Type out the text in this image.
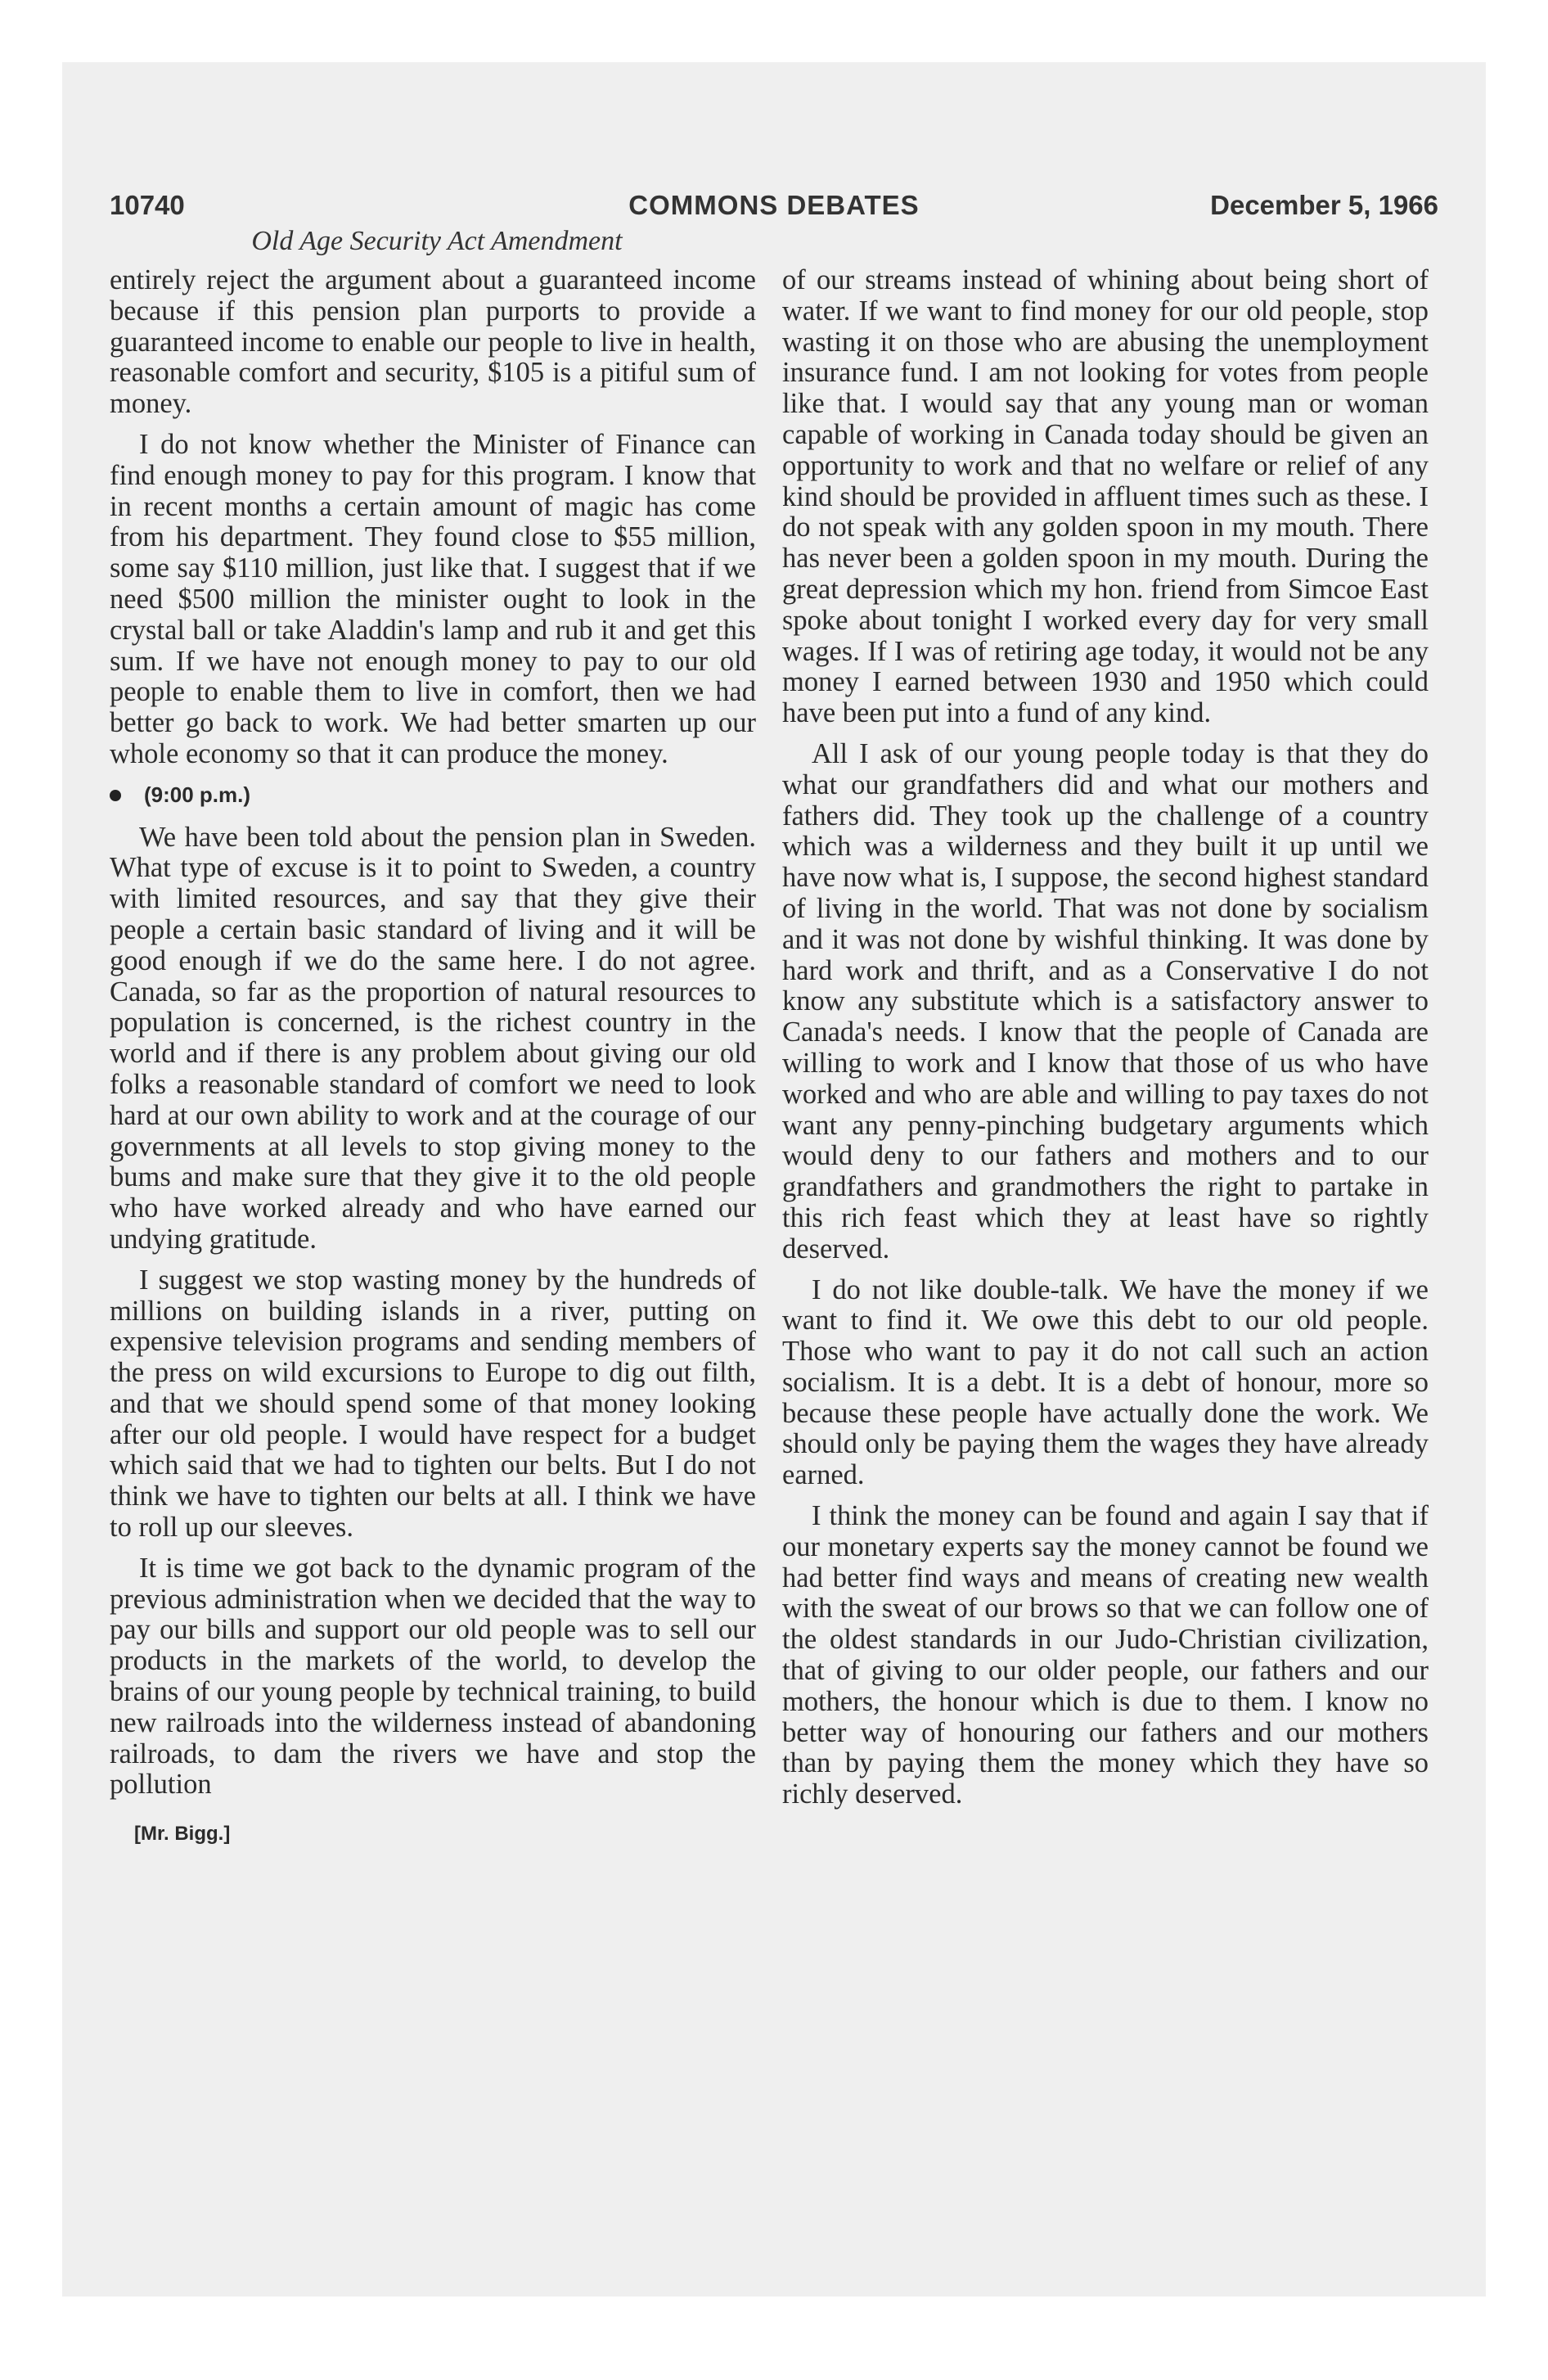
10740	COMMONS DEBATES	December 5, 1966
Old Age Security Act Amendment

entirely reject the argument about a guaranteed income because if this pension plan purports to provide a guaranteed income to enable our people to live in health, reasonable comfort and security, $105 is a pitiful sum of money.

I do not know whether the Minister of Finance can find enough money to pay for this program. I know that in recent months a certain amount of magic has come from his department. They found close to $55 million, some say $110 million, just like that. I suggest that if we need $500 million the minister ought to look in the crystal ball or take Aladdin's lamp and rub it and get this sum. If we have not enough money to pay to our old people to enable them to live in comfort, then we had better go back to work. We had better smarten up our whole economy so that it can produce the money.

(9:00 p.m.)

We have been told about the pension plan in Sweden. What type of excuse is it to point to Sweden, a country with limited resources, and say that they give their people a certain basic standard of living and it will be good enough if we do the same here. I do not agree. Canada, so far as the proportion of natural resources to population is concerned, is the richest country in the world and if there is any problem about giving our old folks a reasonable standard of comfort we need to look hard at our own ability to work and at the courage of our governments at all levels to stop giving money to the bums and make sure that they give it to the old people who have worked already and who have earned our undying gratitude.

I suggest we stop wasting money by the hundreds of millions on building islands in a river, putting on expensive television programs and sending members of the press on wild excursions to Europe to dig out filth, and that we should spend some of that money looking after our old people. I would have respect for a budget which said that we had to tighten our belts. But I do not think we have to tighten our belts at all. I think we have to roll up our sleeves.

It is time we got back to the dynamic program of the previous administration when we decided that the way to pay our bills and support our old people was to sell our products in the markets of the world, to develop the brains of our young people by technical training, to build new railroads into the wilderness instead of abandoning railroads, to dam the rivers we have and stop the pollution

[Mr. Bigg.]

of our streams instead of whining about being short of water. If we want to find money for our old people, stop wasting it on those who are abusing the unemployment insurance fund. I am not looking for votes from people like that. I would say that any young man or woman capable of working in Canada today should be given an opportunity to work and that no welfare or relief of any kind should be provided in affluent times such as these. I do not speak with any golden spoon in my mouth. There has never been a golden spoon in my mouth. During the great depression which my hon. friend from Simcoe East spoke about tonight I worked every day for very small wages. If I was of retiring age today, it would not be any money I earned between 1930 and 1950 which could have been put into a fund of any kind.

All I ask of our young people today is that they do what our grandfathers did and what our mothers and fathers did. They took up the challenge of a country which was a wilderness and they built it up until we have now what is, I suppose, the second highest standard of living in the world. That was not done by socialism and it was not done by wishful thinking. It was done by hard work and thrift, and as a Conservative I do not know any substitute which is a satisfactory answer to Canada's needs. I know that the people of Canada are willing to work and I know that those of us who have worked and who are able and willing to pay taxes do not want any penny-pinching budgetary arguments which would deny to our fathers and mothers and to our grandfathers and grandmothers the right to partake in this rich feast which they at least have so rightly deserved.

I do not like double-talk. We have the money if we want to find it. We owe this debt to our old people. Those who want to pay it do not call such an action socialism. It is a debt. It is a debt of honour, more so because these people have actually done the work. We should only be paying them the wages they have already earned.

I think the money can be found and again I say that if our monetary experts say the money cannot be found we had better find ways and means of creating new wealth with the sweat of our brows so that we can follow one of the oldest standards in our Judo-Christian civilization, that of giving to our older people, our fathers and our mothers, the honour which is due to them. I know no better way of honouring our fathers and our mothers than by paying them the money which they have so richly deserved.
